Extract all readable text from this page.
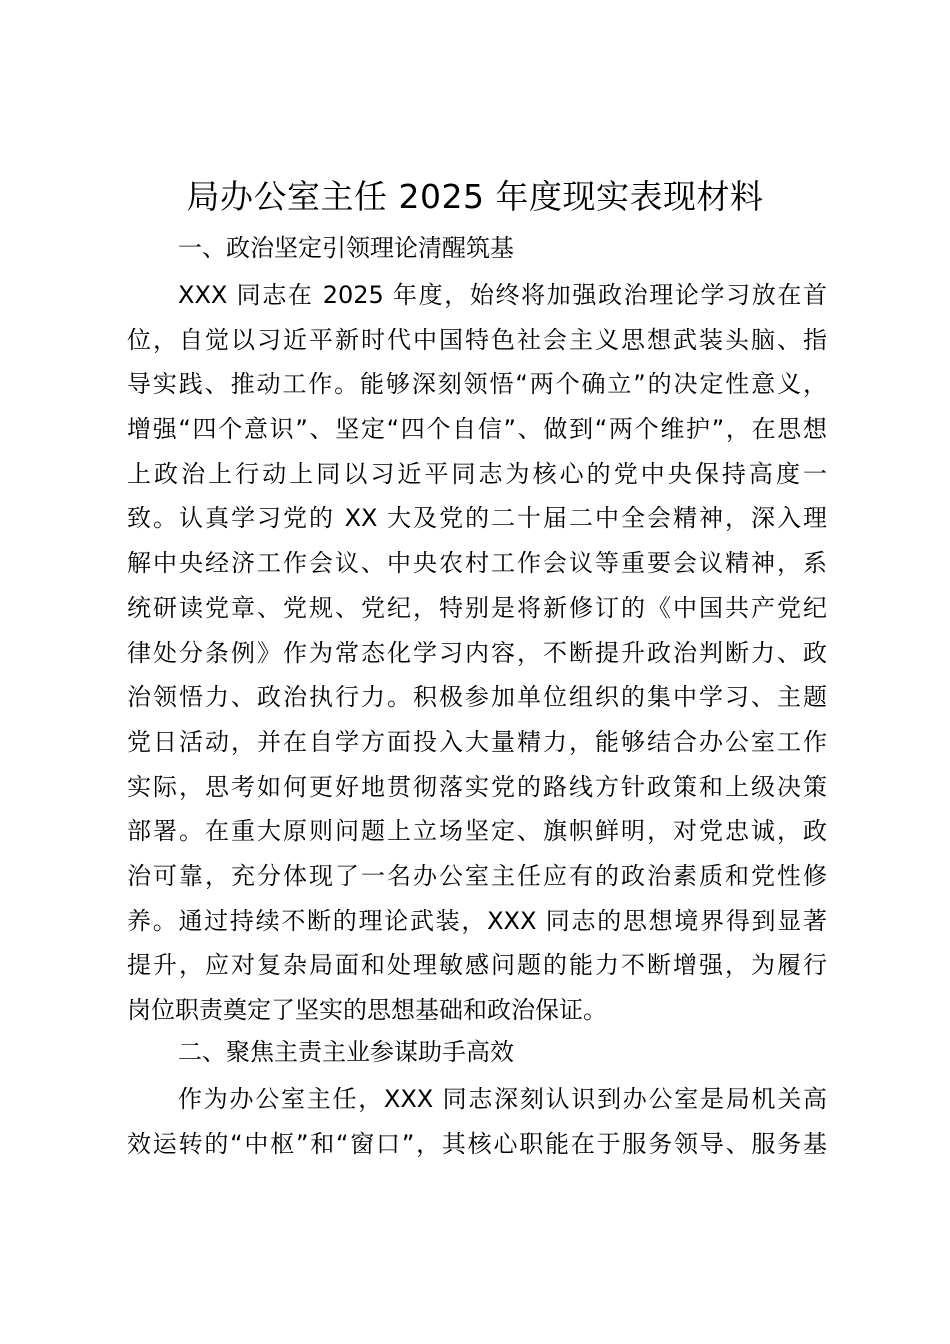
局办公室主任 2025 年度现实表现材料
一、政治坚定引领理论清醒筑基
XXX 同志在 2025 年度，始终将加强政治理论学习放在首
位，自觉以习近平新时代中国特色社会主义思想武装头脑、指
导实践、推动工作。能够深刻领悟“两个确立”的决定性意义，
增强“四个意识”、坚定“四个自信”、做到“两个维护”，在思想
上政治上行动上同以习近平同志为核心的党中央保持高度一
致。认真学习党的 XX 大及党的二十届二中全会精神，深入理
解中央经济工作会议、中央农村工作会议等重要会议精神，系
统研读党章、党规、党纪，特别是将新修订的《中国共产党纪
律处分条例》作为常态化学习内容，不断提升政治判断力、政
治领悟力、政治执行力。积极参加单位组织的集中学习、主题
党日活动，并在自学方面投入大量精力，能够结合办公室工作
实际，思考如何更好地贯彻落实党的路线方针政策和上级决策
部署。在重大原则问题上立场坚定、旗帜鲜明，对党忠诚，政
治可靠，充分体现了一名办公室主任应有的政治素质和党性修
养。通过持续不断的理论武装，XXX 同志的思想境界得到显著
提升，应对复杂局面和处理敏感问题的能力不断增强，为履行
岗位职责奠定了坚实的思想基础和政治保证。
二、聚焦主责主业参谋助手高效
作为办公室主任，XXX 同志深刻认识到办公室是局机关高
效运转的“中枢”和“窗口”，其核心职能在于服务领导、服务基
